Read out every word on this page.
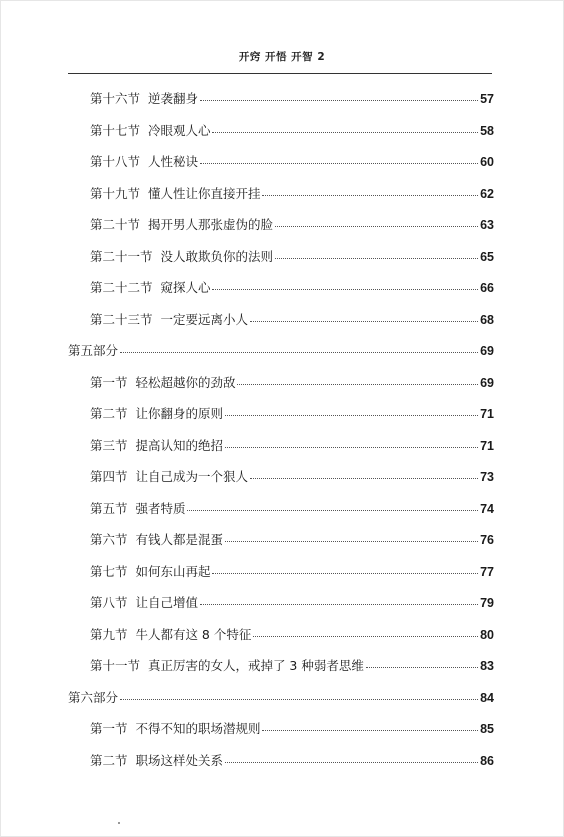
开窍 开悟 开智 2
第十六节  逆袭翻身	57
第十七节  冷眼观人心	58
第十八节  人性秘诀	60
第十九节  懂人性让你直接开挂	62
第二十节  揭开男人那张虚伪的脸	63
第二十一节  没人敢欺负你的法则	65
第二十二节  窥探人心	66
第二十三节  一定要远离小人	68
第五部分	69
第一节  轻松超越你的劲敌	69
第二节  让你翻身的原则	71
第三节  提高认知的绝招	71
第四节  让自己成为一个狠人	73
第五节  强者特质	74
第六节  有钱人都是混蛋	76
第七节  如何东山再起	77
第八节  让自己增值	79
第九节  牛人都有这 8 个特征	80
第十一节  真正厉害的女人，戒掉了 3 种弱者思维	83
第六部分	84
第一节  不得不知的职场潜规则	85
第二节  职场这样处关系	86
